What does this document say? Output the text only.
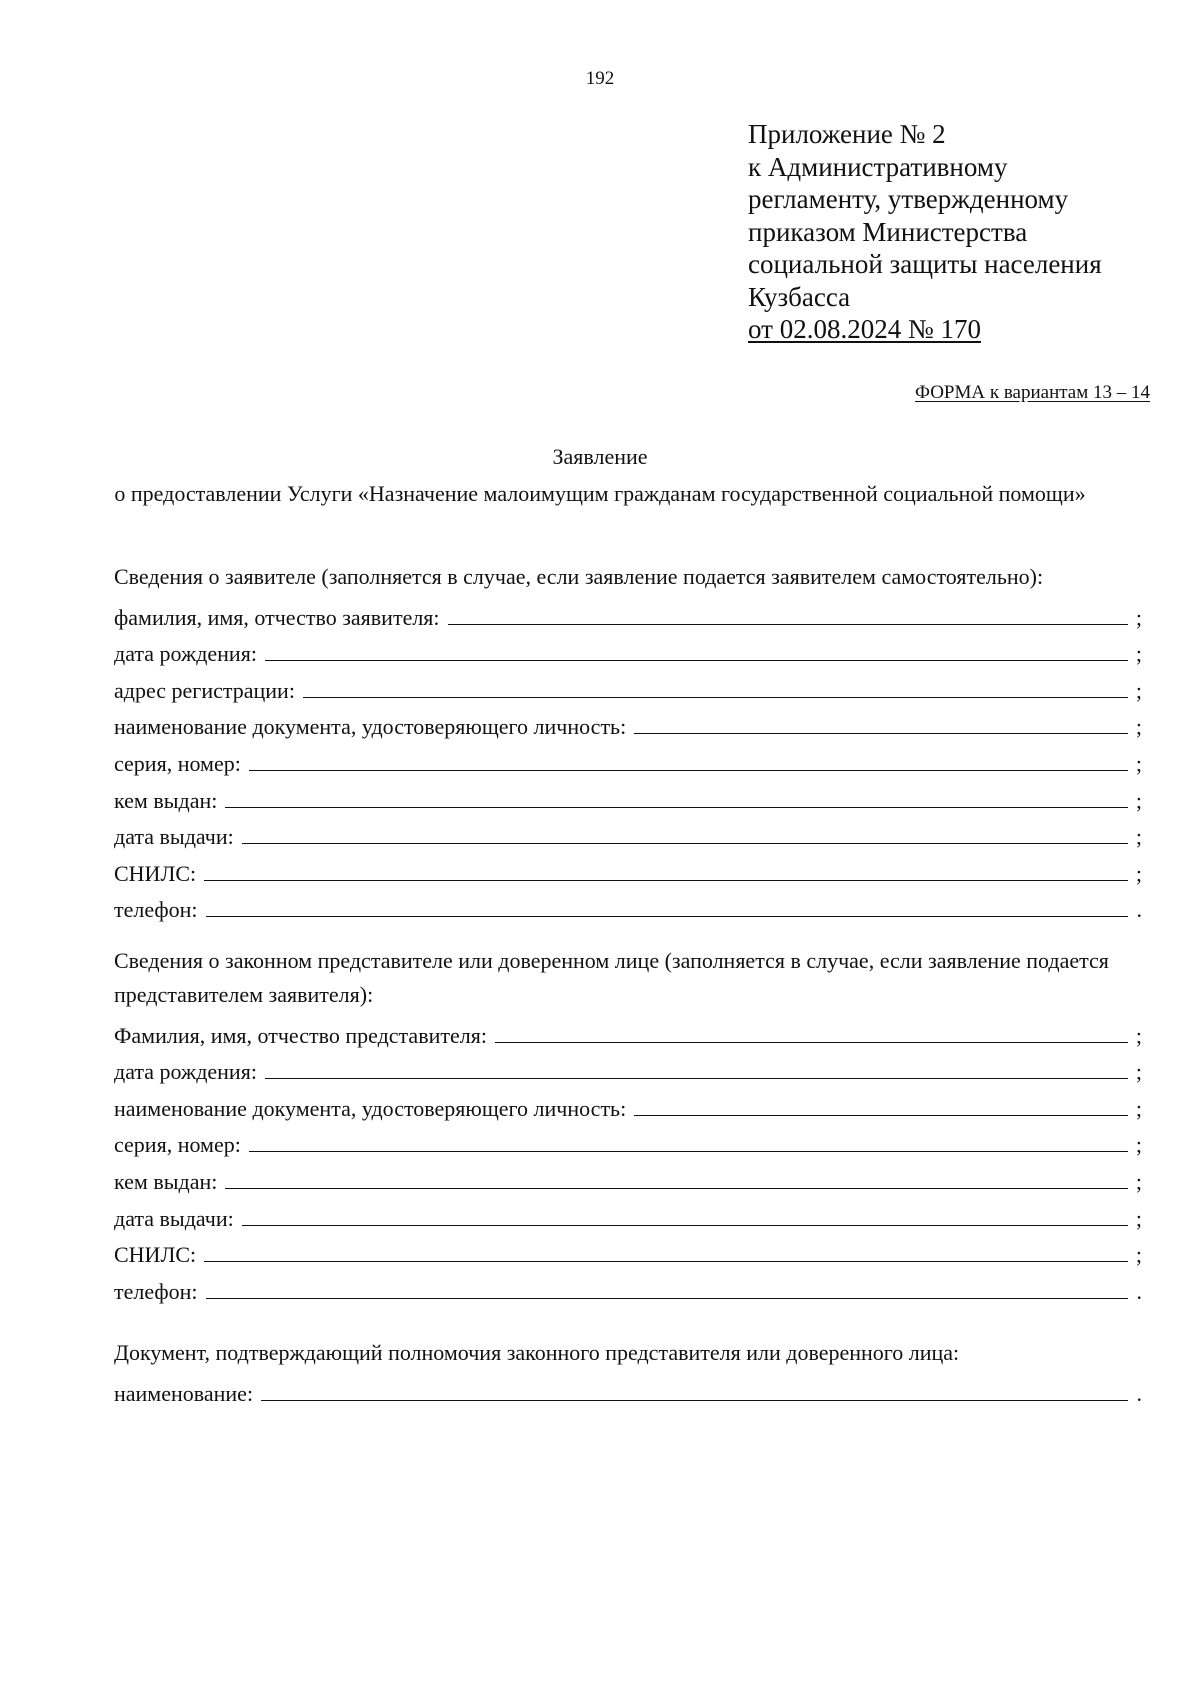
192
Приложение № 2
к Административному
регламенту, утвержденному
приказом Министерства
социальной защиты населения
Кузбасса
от 02.08.2024 № 170
ФОРМА к вариантам 13 – 14
Заявление
о предоставлении Услуги «Назначение малоимущим гражданам государственной социальной помощи»
Сведения о заявителе (заполняется в случае, если заявление подается заявителем самостоятельно):
фамилия, имя, отчество заявителя:	;
дата рождения:	;
адрес регистрации:	;
наименование документа, удостоверяющего личность:	;
серия, номер:	;
кем выдан:	;
дата выдачи:	;
СНИЛС:	;
телефон:	.
Сведения о законном представителе или доверенном лице (заполняется в случае, если заявление подается представителем заявителя):
Фамилия, имя, отчество представителя:	;
дата рождения:	;
наименование документа, удостоверяющего личность:	;
серия, номер:	;
кем выдан:	;
дата выдачи:	;
СНИЛС:	;
телефон:	.
Документ, подтверждающий полномочия законного представителя или доверенного лица:
наименование:	.
